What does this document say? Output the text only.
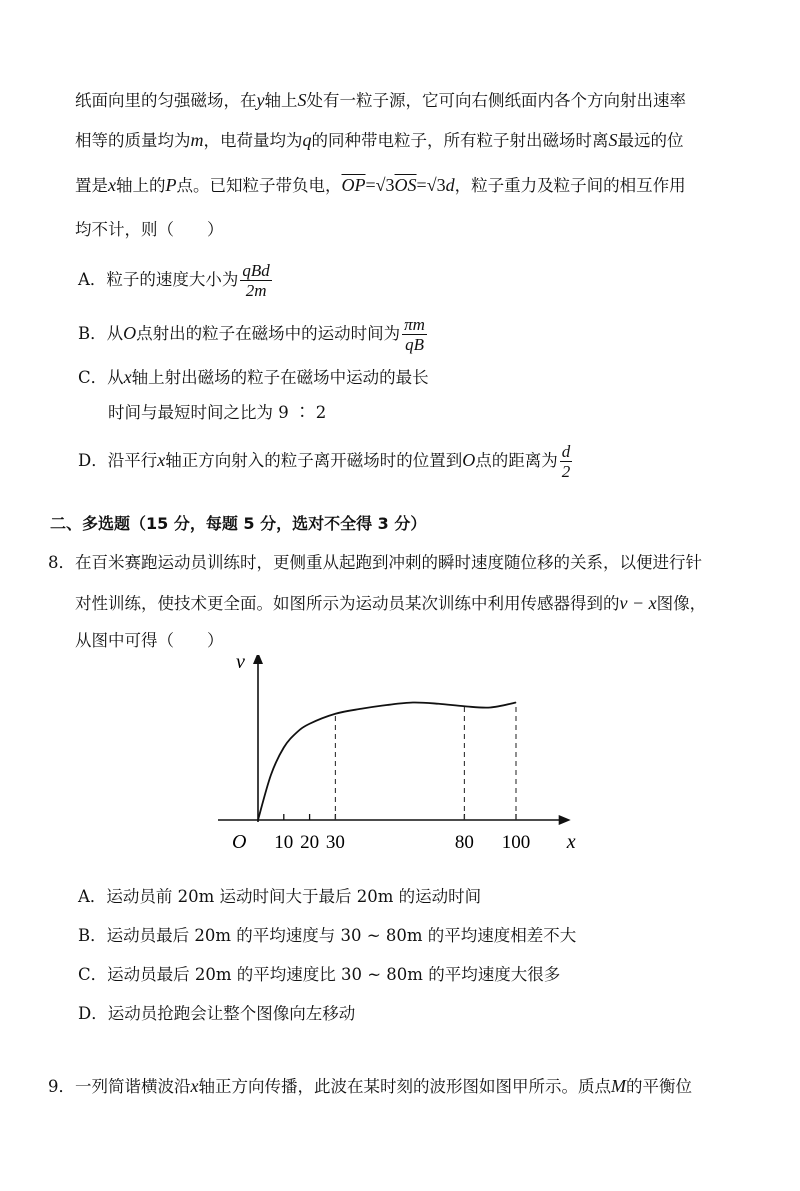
纸面向里的匀强磁场，在y轴上S处有一粒子源，它可向右侧纸面内各个方向射出速率
相等的质量均为m，电荷量均为q的同种带电粒子，所有粒子射出磁场时离S最远的位
置是x轴上的P点。已知粒子带负电，$\overline{OP}=√3\overline{OS}=√3d$，粒子重力及粒子间的相互作用
均不计，则（　　）
A．粒子的速度大小为 $\frac{\text{qBd}}{2m}$
B．从O点射出的粒子在磁场中的运动时间为 $\frac{\pi m}{qB}$
C．从x轴上射出磁场的粒子在磁场中运动的最长
时间与最短时间之比为 9 ∶ 2
D．沿平行x轴正方向射入的粒子离开磁场时的位置到O点的距离为 $\frac{d}{2}$
二、多选题（15 分，每题 5 分，选对不全得 3 分）
8．在百米赛跑运动员训练时，更侧重从起跑到冲刺的瞬时速度随位移的关系，以便进行针
对性训练，使技术更全面。如图所示为运动员某次训练中利用传感器得到的v − x图像，
从图中可得（　　）
v
x
O 10 20 30	80 100
A．运动员前 20m 运动时间大于最后 20m 的运动时间
B．运动员最后 20m 的平均速度与 30 ~ 80m 的平均速度相差不大
C．运动员最后 20m 的平均速度比 30 ~ 80m 的平均速度大很多
D．运动员抢跑会让整个图像向左移动
9．一列简谐横波沿x轴正方向传播，此波在某时刻的波形图如图甲所示。质点M的平衡位
